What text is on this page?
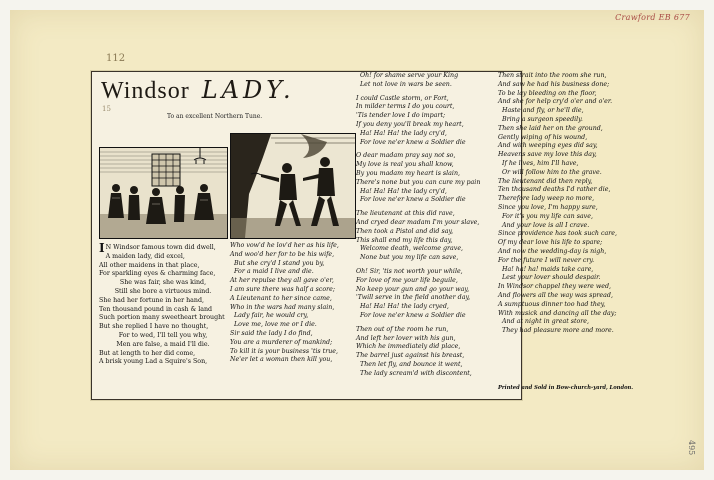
Crawford EB 677
112
495
15
Windsor LADY.
To an excellent Northern Tune.

I N Windsor famous town did dwell,

A maiden lady, did excel,

All other maidens in that place,

For sparkling eyes & charming face,

She was fair, she was kind,

Still she bore a virtuous mind.

She had her fortune in her hand,

Ten thousand pound in cash & land

Such portion many sweetheart brought

But she replied I have no thought,

For to wed, I'll tell you why,

Men are false, a maid I'll die.

But at length to her did come,

A brisk young Lad a Squire's Son,

Who vow'd he lov'd her as his life,

And woo'd her for to be his wife,

But she cry'd I stand you by,

For a maid I live and die.

At her repulse they all gave o'er,

I am sure there was half a score;

A Lieutenant to her since came,

Who in the wars had many slain,

Lady fair, he would cry,

Love me, love me or I die.

Sir said the lady I do find,

You are a murderer of mankind;

To kill it is your business 'tis true,

Ne'er let a woman then kill you,

Oh! for shame serve your King

Let not love in wars be seen.

I could Castle storm, or Fort,

In milder terms I do you court,

'Tis tender love I do impart;

If you deny you'll break my heart,

Ha! Ha! Ha! the lady cry'd,

For love ne'er knew a Soldier die

O dear madam pray say not so,

My love is real you shall know,

By you madam my heart is slain,

There's none but you can cure my pain

Ha! Ha! Ha! the lady cry'd,

For love ne'er knew a Soldier die

The lieutenant at this did rave,

And cryed dear madam I'm your slave,

Then took a Pistol and did say,

This shall end my life this day,

Welcome death, welcome grave,

None but you my life can save,

Oh! Sir, 'tis not worth your while,

For love of me your life beguile,

No keep your gun and go your way,

'Twill serve in the field another day,

Ha! Ha! Ha! the lady cryed,

For love ne'er knew a Soldier die

Then out of the room he run,

And left her lover with his gun,

Which he immediately did place,

The barrel just against his breast,

Then let fly, and bounce it went,

The lady scream'd with discontent,

Then strait into the room she run,

And saw he had his business done;

To be lay bleeding on the floor,

And she for help cry'd o'er and o'er.

Haste and fly, or he'll die,

Bring a surgeon speedily.

Then she laid her on the ground,

Gently wiping of his wound,

And with weeping eyes did say,

Heavens save my love this day,

If he lives, him I'll have,

Or will follow him to the grave.

The lieutenant did then reply,

Ten thousand deaths I'd rather die,

Therefore lady weep no more,

Since you love, I'm happy sure,

For it's you my life can save,

And your love is all I crave.

Since providence has took such care,

Of my dear love his life to spare;

And now the wedding-day is nigh,

For the future I will never cry.

Ha! ha! ha! maids take care,

Lest your lover should despair.

In Windsor chappel they were wed,

And flowers all the way was spread,

A sumptuous dinner too had they,

With musick and dancing all the day;

And at night in great store,

They had pleasure more and more.

Printed and Sold in Bow-church-yard, London.
